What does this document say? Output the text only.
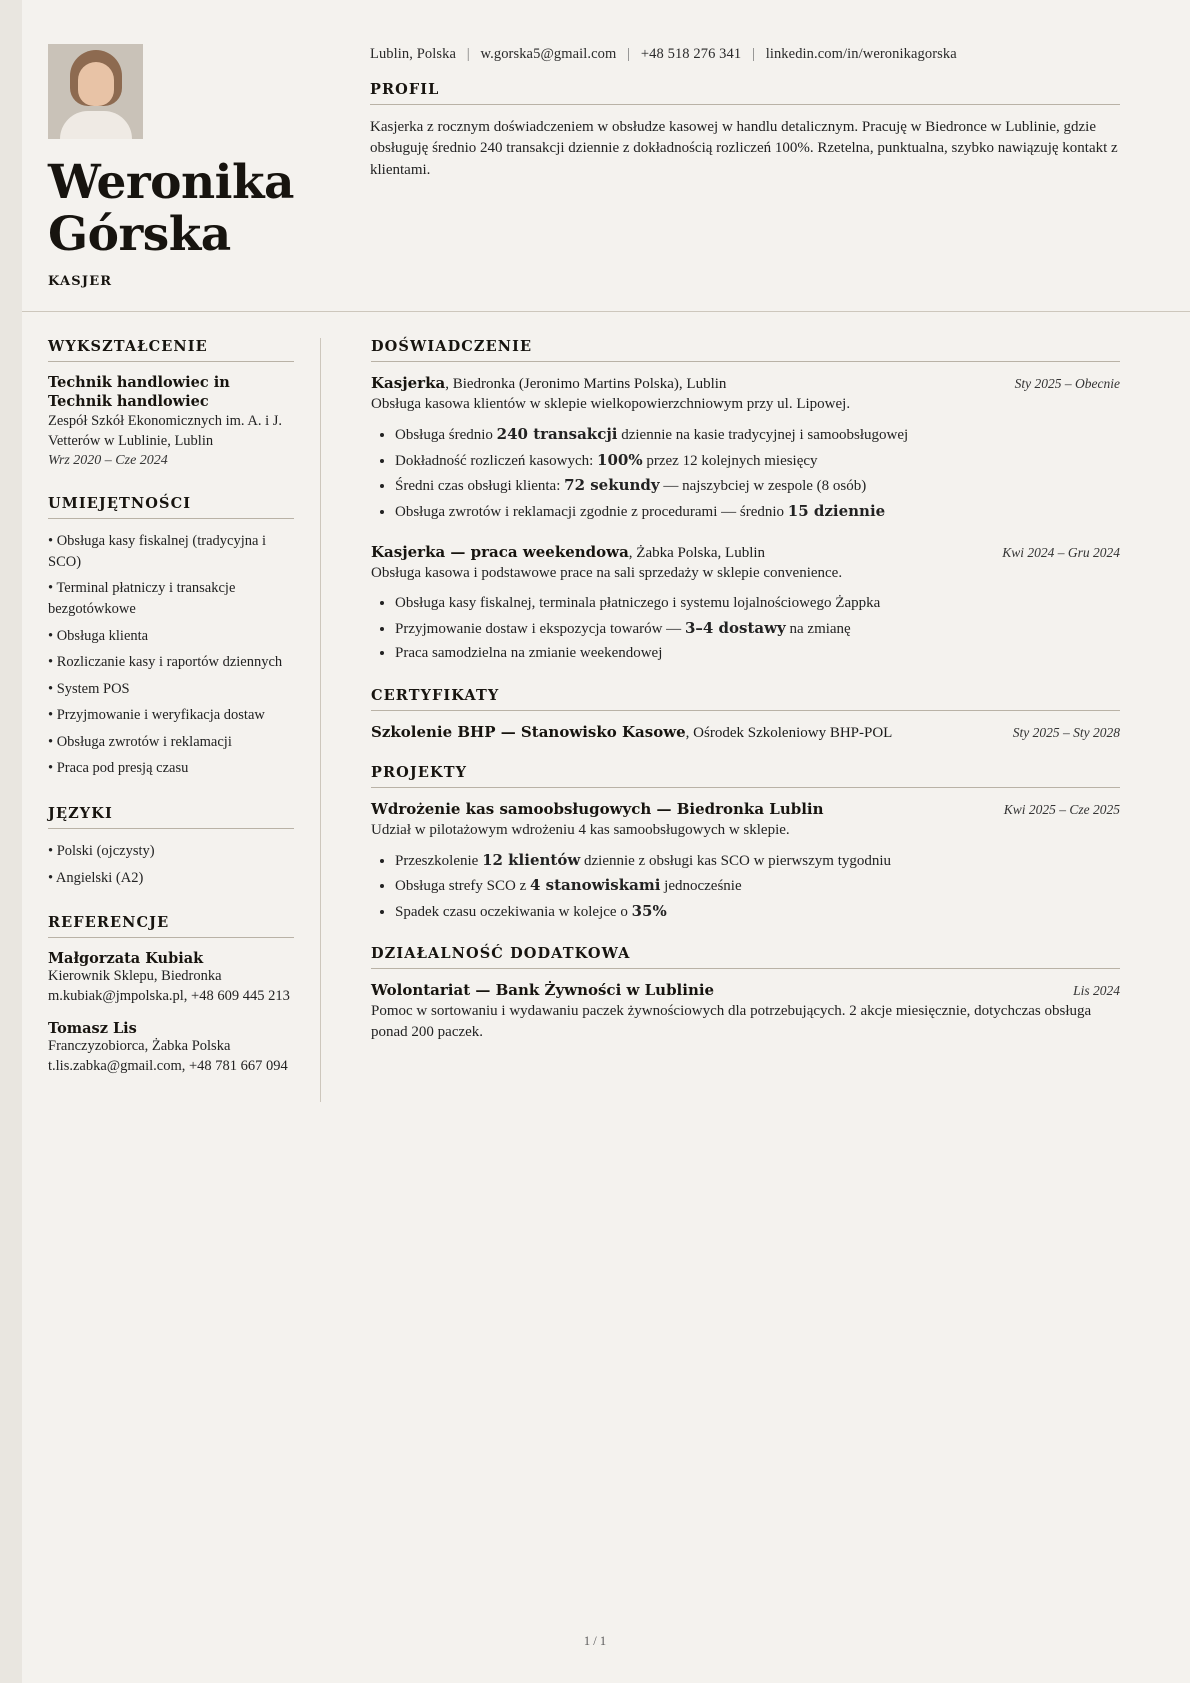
Weronika
Górska
KASJER
Lublin, Polska | w.gorska5@gmail.com | +48 518 276 341 | linkedin.com/in/weronikagorska
PROFIL
Kasjerka z rocznym doświadczeniem w obsłudze kasowej w handlu detalicznym. Pracuję w Biedronce w Lublinie, gdzie obsługuję średnio 240 transakcji dziennie z dokładnością rozliczeń 100%. Rzetelna, punktualna, szybko nawiązuję kontakt z klientami.
WYKSZTAŁCENIE
Technik handlowiec in Technik handlowiec
Zespół Szkół Ekonomicznych im. A. i J. Vetterów w Lublinie, Lublin
Wrz 2020 – Cze 2024
UMIEJĘTNOŚCI
• Obsługa kasy fiskalnej (tradycyjna i SCO)
• Terminal płatniczy i transakcje bezgotówkowe
• Obsługa klienta
• Rozliczanie kasy i raportów dziennych
• System POS
• Przyjmowanie i weryfikacja dostaw
• Obsługa zwrotów i reklamacji
• Praca pod presją czasu
JĘZYKI
• Polski (ojczysty)
• Angielski (A2)
REFERENCJE
Małgorzata Kubiak
Kierownik Sklepu, Biedronka m.kubiak@jmpolska.pl, +48 609 445 213
Tomasz Lis
Franczyzobiorca, Żabka Polska t.lis.zabka@gmail.com, +48 781 667 094
DOŚWIADCZENIE
Kasjerka, Biedronka (Jeronimo Martins Polska), Lublin	Sty 2025 – Obecnie
Obsługa kasowa klientów w sklepie wielkopowierzchniowym przy ul. Lipowej.
• Obsługa średnio 240 transakcji dziennie na kasie tradycyjnej i samoobsługowej
• Dokładność rozliczeń kasowych: 100% przez 12 kolejnych miesięcy
• Średni czas obsługi klienta: 72 sekundy — najszybciej w zespole (8 osób)
• Obsługa zwrotów i reklamacji zgodnie z procedurami — średnio 15 dziennie
Kasjerka — praca weekendowa, Żabka Polska, Lublin	Kwi 2024 – Gru 2024
Obsługa kasowa i podstawowe prace na sali sprzedaży w sklepie convenience.
• Obsługa kasy fiskalnej, terminala płatniczego i systemu lojalnościowego Żappka
• Przyjmowanie dostaw i ekspozycja towarów — 3–4 dostawy na zmianę
• Praca samodzielna na zmianie weekendowej
CERTYFIKATY
Szkolenie BHP — Stanowisko Kasowe, Ośrodek Szkoleniowy BHP-POL	Sty 2025 – Sty 2028
PROJEKTY
Wdrożenie kas samoobsługowych — Biedronka Lublin	Kwi 2025 – Cze 2025
Udział w pilotażowym wdrożeniu 4 kas samoobsługowych w sklepie.
• Przeszkolenie 12 klientów dziennie z obsługi kas SCO w pierwszym tygodniu
• Obsługa strefy SCO z 4 stanowiskami jednocześnie
• Spadek czasu oczekiwania w kolejce o 35%
DZIAŁALNOŚĆ DODATKOWA
Wolontariat — Bank Żywności w Lublinie	Lis 2024
Pomoc w sortowaniu i wydawaniu paczek żywnościowych dla potrzebujących. 2 akcje miesięcznie, dotychczas obsługa ponad 200 paczek.
1 / 1
